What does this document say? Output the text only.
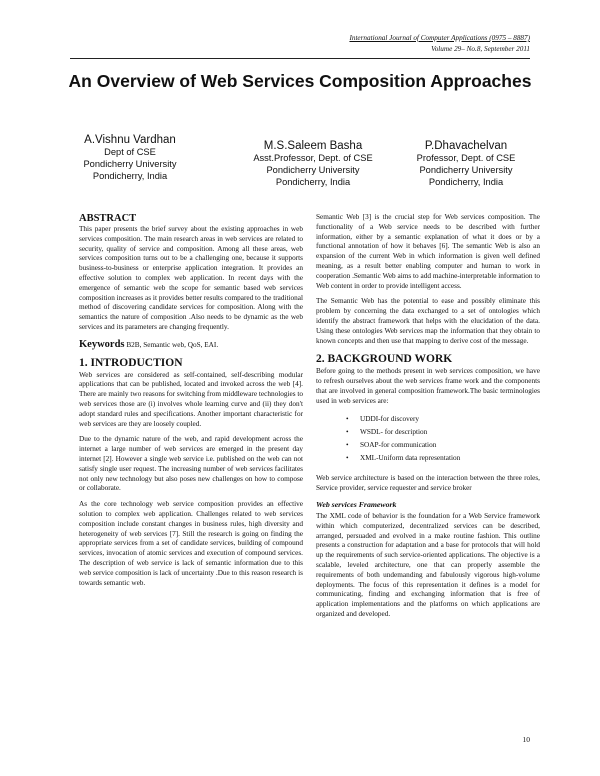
International Journal of Computer Applications (0975 – 8887)
Volume 29– No.8, September 2011
An Overview of Web Services Composition Approaches
A.Vishnu Vardhan
Dept of CSE
Pondicherry University
Pondicherry, India
M.S.Saleem Basha
Asst.Professor, Dept. of CSE
Pondicherry University
Pondicherry, India
P.Dhavachelvan
Professor, Dept. of CSE
Pondicherry University
Pondicherry, India
ABSTRACT

This paper presents the brief survey about the existing approaches in web services composition. The main research areas in web services are related to security, quality of service and composition. Among all these areas, web services composition turns out to be a challenging one, because it supports business-to-business or enterprise application integration. It provides an effective solution to complex web application. In recent days with the emergence of semantic web the scope for semantic based web services composition increases as it provides better results compared to the traditional method of discovering candidate services for composition. Along with the semantics the nature of composition .Also needs to be dynamic as the web services and its parameters are changing frequently.

Keywords B2B, Semantic web, QoS, EAI.
1. INTRODUCTION

Web services are considered as self-contained, self-describing modular applications that can be published, located and invoked across the web [4]. There are mainly two reasons for switching from middleware technologies to web services those are (i) involves whole learning curve and (ii) they don't adopt standard rules and specifications. Another important characteristic for web services are they are loosely coupled.

Due to the dynamic nature of the web, and rapid development across the internet a large number of web services are emerged in the present day internet [2]. However a single web service i.e. published on the web can not satisfy single user request. The increasing number of web services facilitates not only new technology but also poses new challenges on how to compose or collaborate.

As the core technology web service composition provides an effective solution to complex web application. Challenges related to web services composition include constant changes in business rules, high diversity and heterogeneity of web services [7]. Still the research is going on finding the appropriate services from a set of candidate services, building of compound services, invocation of atomic services and execution of compound services. The description of web service is lack of semantic information due to this web service composition is lack of uncertainty .Due to this reason research is towards semantic web.

Semantic Web [3] is the crucial step for Web services composition. The functionality of a Web service needs to be described with further information, either by a semantic explanation of what it does or by a functional annotation of how it behaves [6]. The semantic Web is also an expansion of the current Web in which information is given well defined meaning, as a result better enabling computer and human to work in cooperation .Semantic Web aims to add machine-interpretable information to Web content in order to provide intelligent access.

The Semantic Web has the potential to ease and possibly eliminate this problem by concerning the data exchanged to a set of ontologies which identify the abstract framework that helps with the elucidation of the data. Using these ontologies Web services map the information that they obtain to known concepts and then use that mapping to derive cost of the message.

2. BACKGROUND WORK

Before going to the methods present in web services composition, we have to refresh ourselves about the web services frame work and the components that are involved in general composition framework.The basic terminologies used in web services are:

• UDDI-for discovery
• WSDL- for description
• SOAP-for communication
• XML-Uniform data representation

Web service architecture is based on the interaction between the three roles, Service provider, service requester and service broker

Web services Framework

The XML code of behavior is the foundation for a Web Service framework within which computerized, decentralized services can be described, arranged, persuaded and evolved in a make routine fashion. This outline presents a construction for adaptation and a base for protocols that will hold up the requirements of such service-oriented applications. The objective is a scalable, leveled architecture, one that can properly assemble the requirements of both undemanding and fabulously vigorous high-volume deployments. The focus of this representation it defines is a model for communicating, finding and exchanging information that is free of application implementations and the platforms on which applications are organized and developed.

10
